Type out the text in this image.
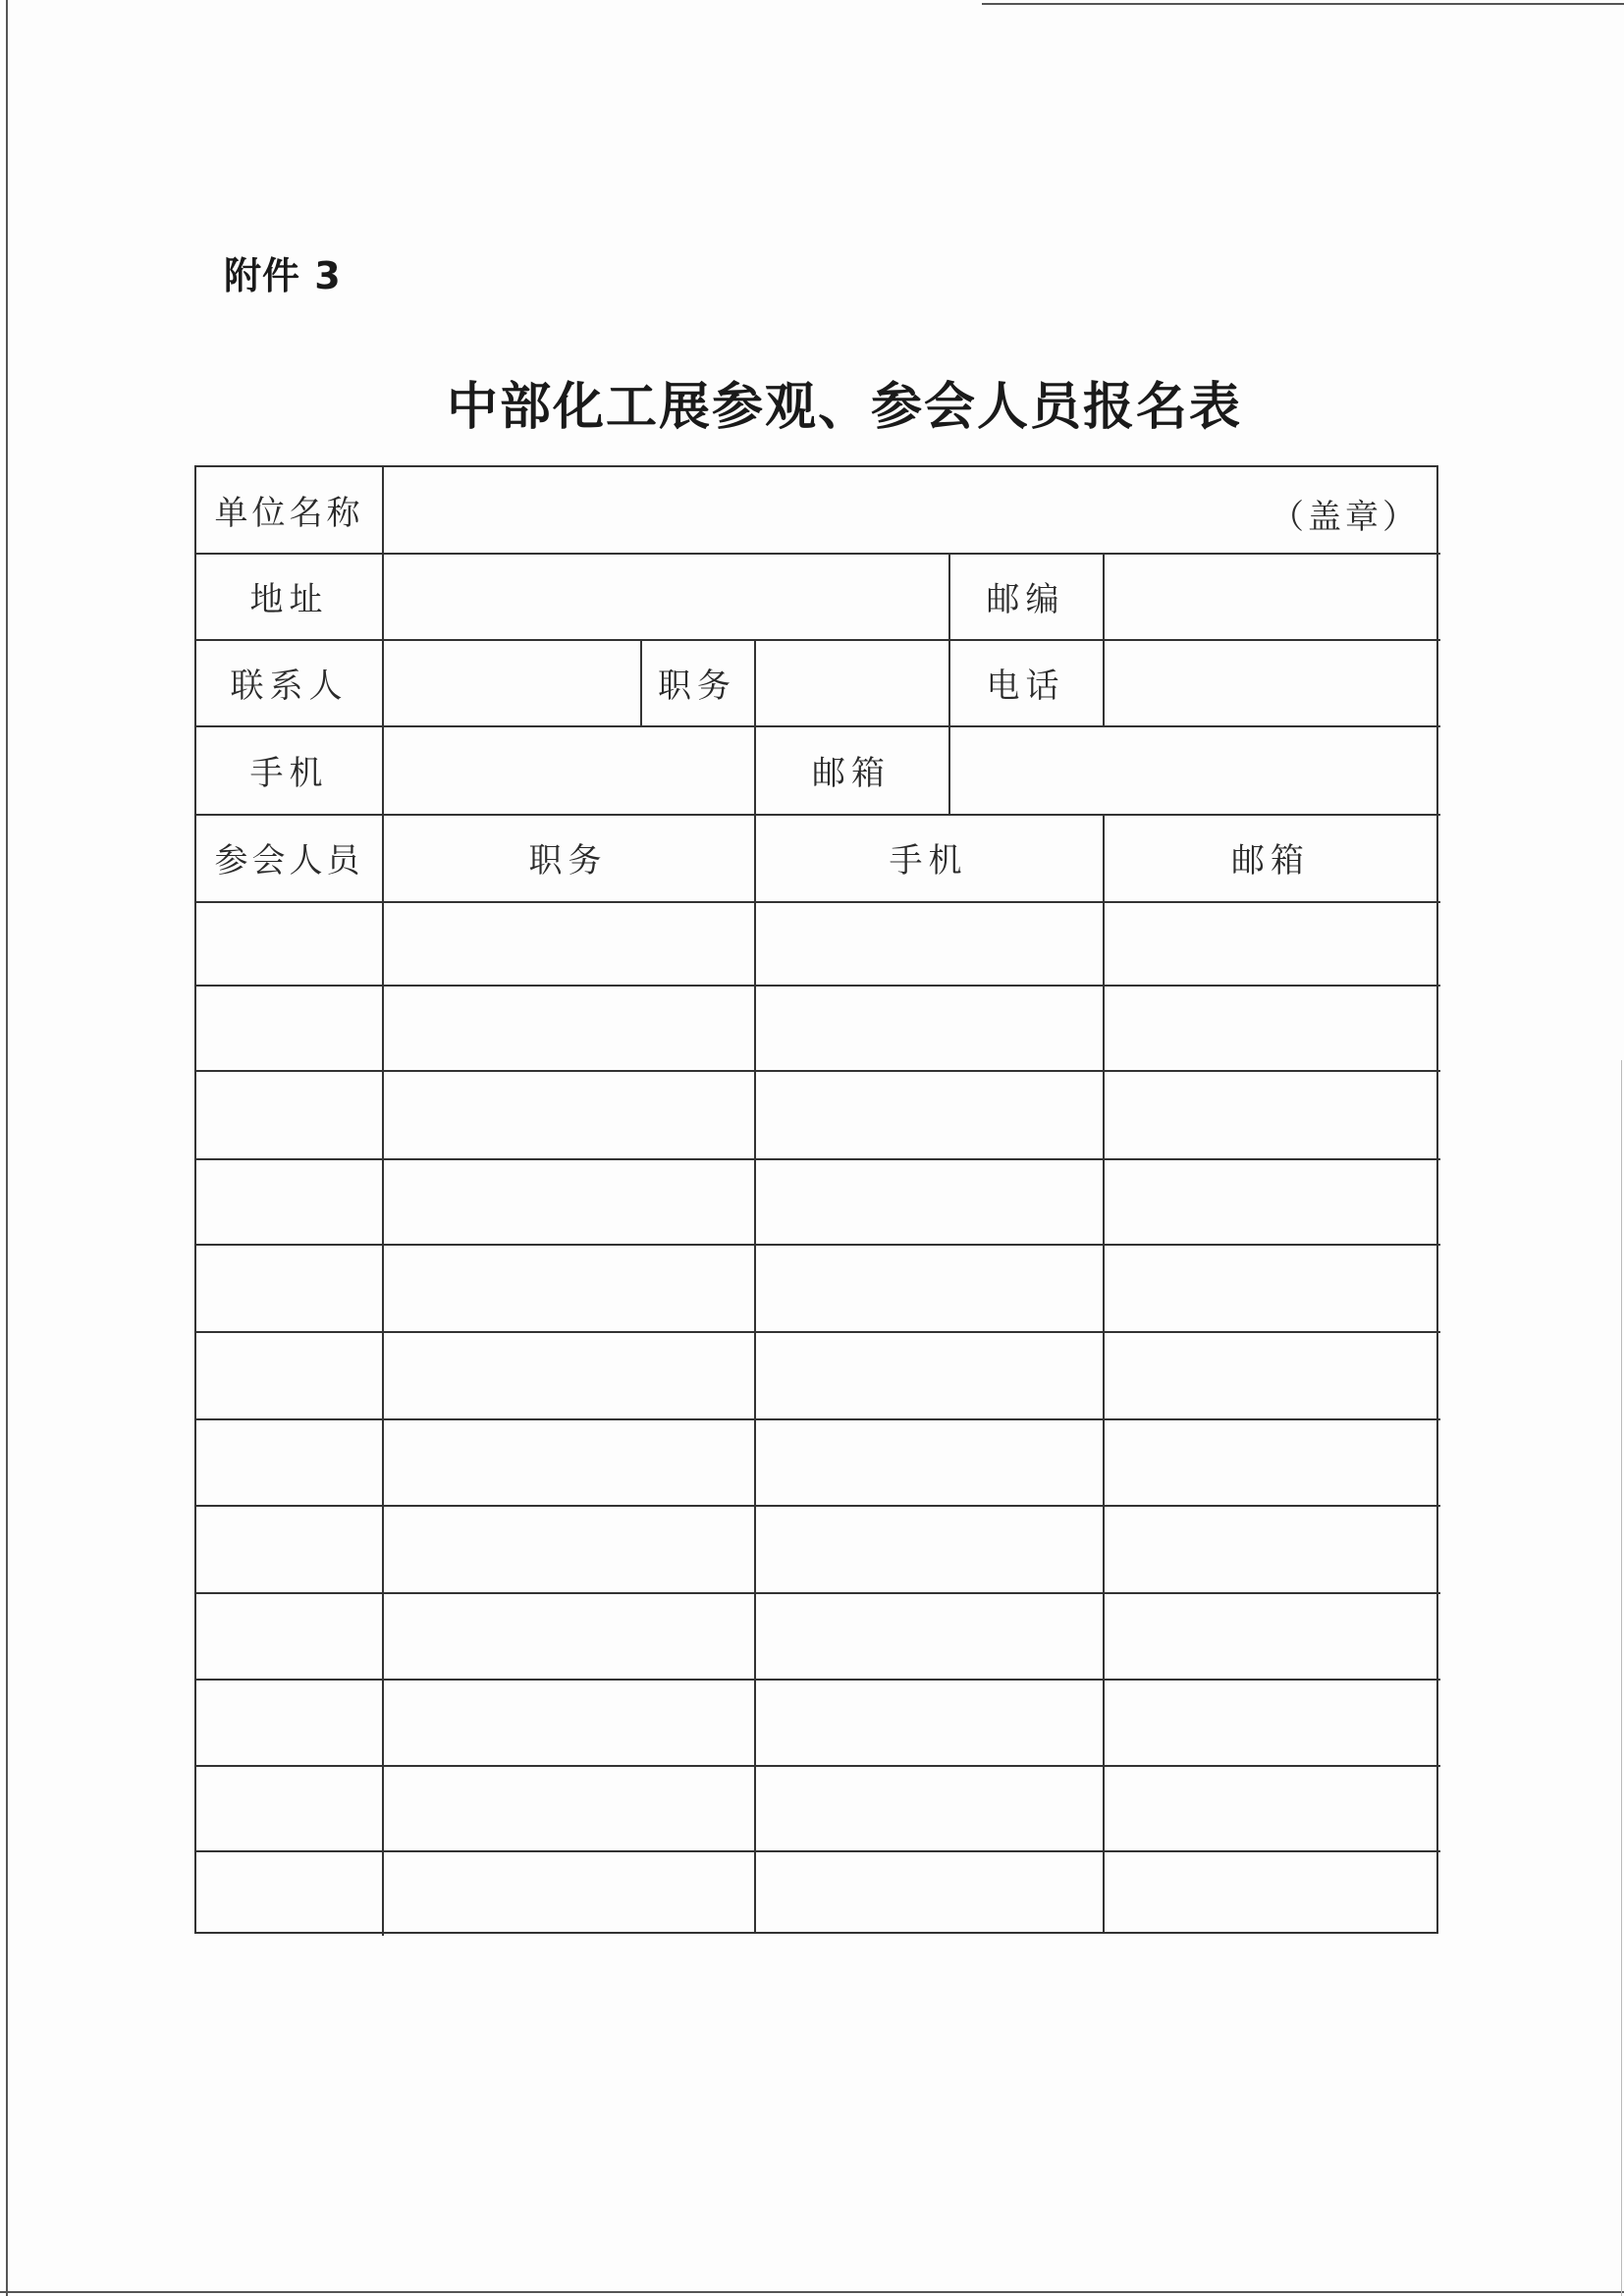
附件 3
中部化工展参观、参会人员报名表
单位名称	（盖章）
地址	邮编
联系人	职务	电话
手机	邮箱
参会人员	职务	手机	邮箱
